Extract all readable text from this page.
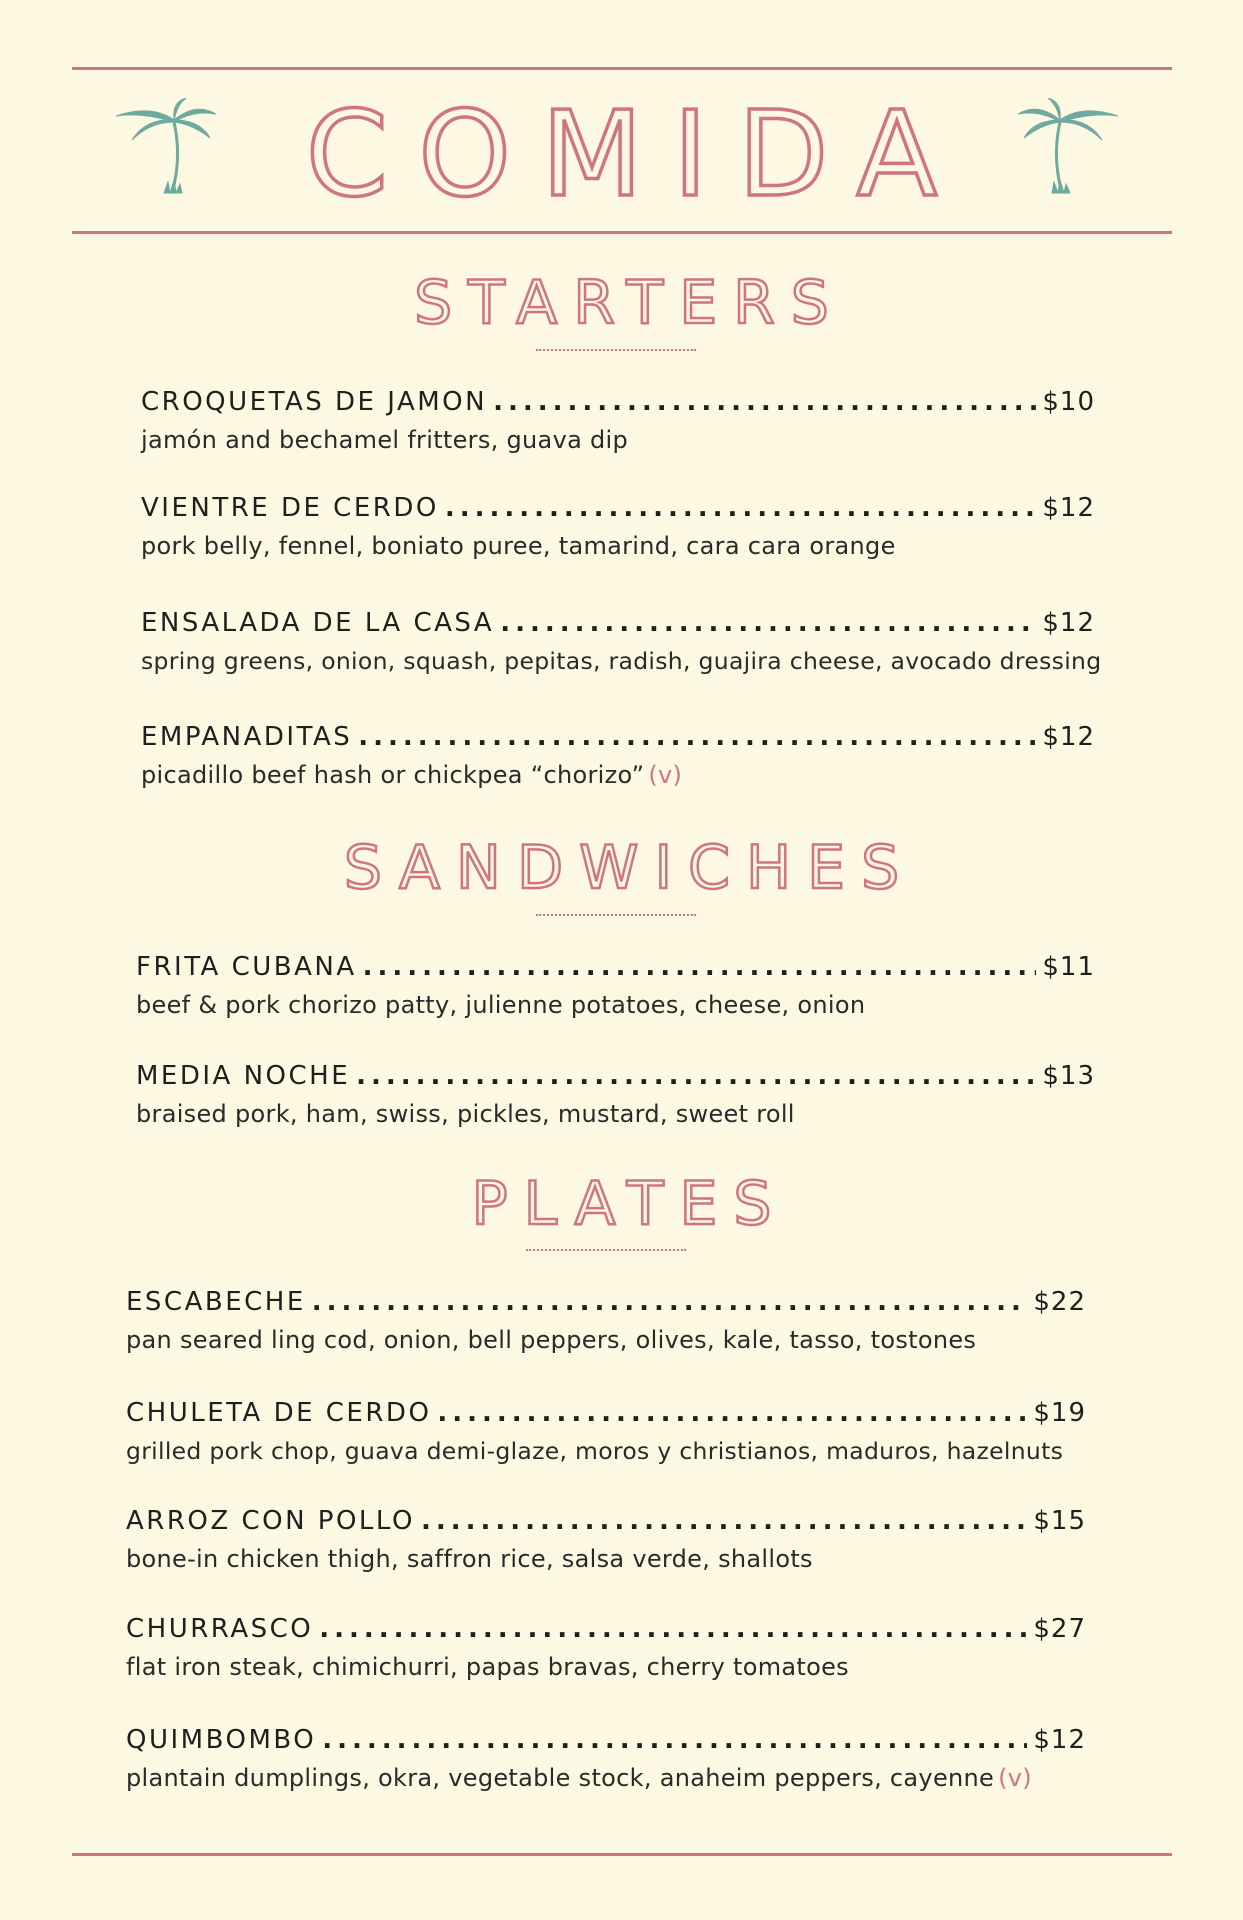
COMIDA
STARTERS
CROQUETAS DE JAMON .....	$10
jamón and bechamel fritters, guava dip
VIENTRE DE CERDO .....	$12
pork belly, fennel, boniato puree, tamarind, cara cara orange
ENSALADA DE LA CASA .....	$12
spring greens, onion, squash, pepitas, radish, guajira cheese, avocado dressing
EMPANADITAS .....	$12
picadillo beef hash or chickpea “chorizo” (v)
SANDWICHES
FRITA CUBANA .....	$11
beef & pork chorizo patty, julienne potatoes, cheese, onion
MEDIA NOCHE .....	$13
braised pork, ham, swiss, pickles, mustard, sweet roll
PLATES
ESCABECHE .....	$22
pan seared ling cod, onion, bell peppers, olives, kale, tasso, tostones
CHULETA DE CERDO .....	$19
grilled pork chop, guava demi-glaze, moros y christianos, maduros, hazelnuts
ARROZ CON POLLO .....	$15
bone-in chicken thigh, saffron rice, salsa verde, shallots
CHURRASCO .....	$27
flat iron steak, chimichurri, papas bravas, cherry tomatoes
QUIMBOMBO .....	$12
plantain dumplings, okra, vegetable stock, anaheim peppers, cayenne (v)
